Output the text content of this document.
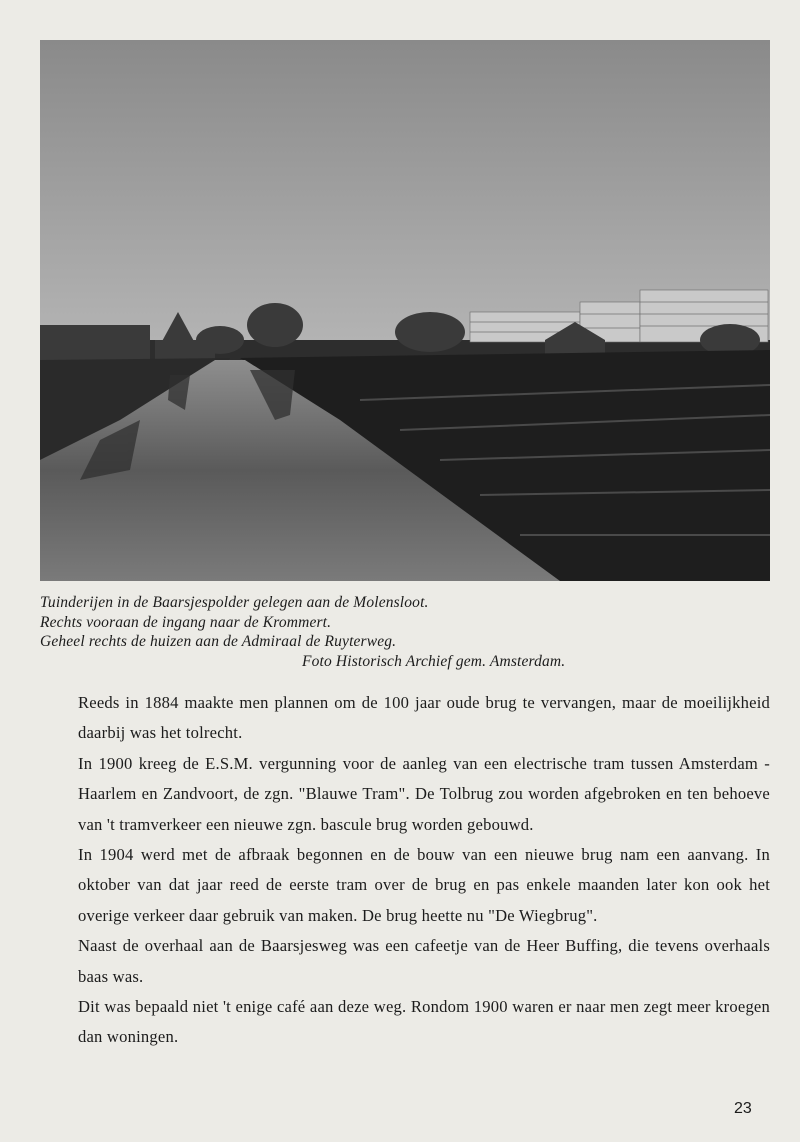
Tuinderijen in de Baarsjespolder gelegen aan de Molensloot.
Rechts vooraan de ingang naar de Krommert.
Geheel rechts de huizen aan de Admiraal de Ruyterweg.
Foto Historisch Archief gem. Amsterdam.
Reeds in 1884 maakte men plannen om de 100 jaar oude brug te vervangen, maar de moeilijkheid daarbij was het tolrecht.
In 1900 kreeg de E.S.M. vergunning voor de aanleg van een electrische tram tussen Amsterdam - Haarlem en Zandvoort, de zgn. "Blauwe Tram". De Tolbrug zou worden afgebroken en ten behoeve van 't tramverkeer een nieuwe zgn. bascule brug worden gebouwd.
In 1904 werd met de afbraak begonnen en de bouw van een nieuwe brug nam een aanvang. In oktober van dat jaar reed de eerste tram over de brug en pas enkele maanden later kon ook het overige verkeer daar gebruik van maken. De brug heette nu "De Wiegbrug".
Naast de overhaal aan de Baarsjesweg was een cafeetje van de Heer Buffing, die tevens overhaals baas was.
Dit was bepaald niet 't enige café aan deze weg. Rondom 1900 waren er naar men zegt meer kroegen dan woningen.
23
